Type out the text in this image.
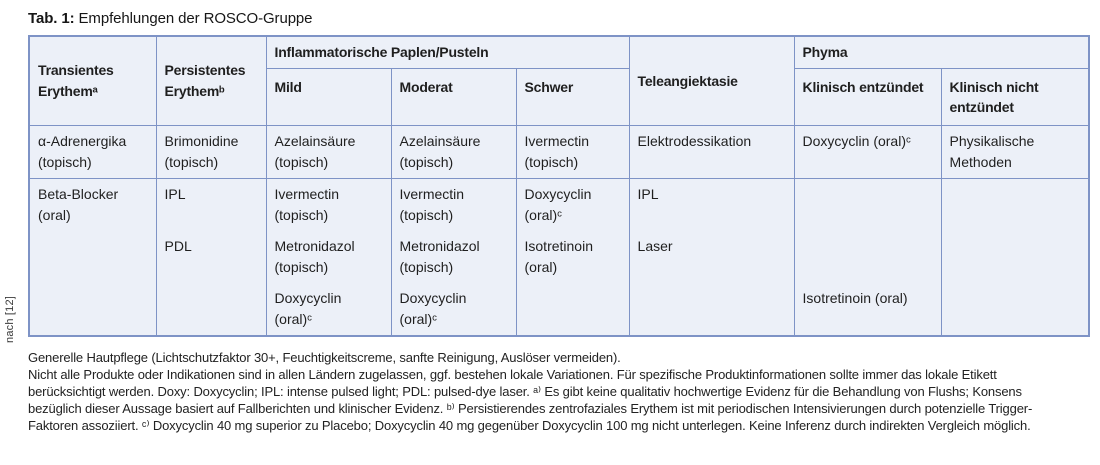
Tab. 1: Empfehlungen der ROSCO-Gruppe
nach [12]
Transientes Erythemᵃ	Persistentes Erythemᵇ	Inflammatorische Paplen/Pusteln			Teleangiektasie	Phyma	
		Mild	Moderat	Schwer		Klinisch entzündet	Klinisch nicht entzündet
α-Adrenergika (topisch)	Brimonidine (topisch)	Azelainsäure (topisch)	Azelainsäure (topisch)	Ivermectin (topisch)	Elektrodessikation	Doxycyclin (oral)ᶜ	Physikalische Methoden
Beta-Blocker (oral)	IPL	Ivermectin (topisch)	Ivermectin (topisch)	Doxycyclin (oral)ᶜ	IPL		
	PDL	Metronidazol (topisch)	Metronidazol (topisch)	Isotretinoin (oral)	Laser		
		Doxycyclin (oral)ᶜ	Doxycyclin (oral)ᶜ			Isotretinoin (oral)	

Generelle Hautpflege (Lichtschutzfaktor 30+, Feuchtigkeitscreme, sanfte Reinigung, Auslöser vermeiden).

Nicht alle Produkte oder Indikationen sind in allen Ländern zugelassen, ggf. bestehen lokale Variationen. Für spezifische Produktinformationen sollte immer das lokale Etikett berücksichtigt werden. Doxy: Doxycyclin; IPL: intense pulsed light; PDL: pulsed-dye laser. ᵃ⁾ Es gibt keine qualitativ hochwertige Evidenz für die Behandlung von Flushs; Konsens bezüglich dieser Aussage basiert auf Fallberichten und klinischer Evidenz. ᵇ⁾ Persistierendes zentrofaziales Erythem ist mit periodischen Intensivierungen durch potenzielle Trigger-Faktoren assoziiert. ᶜ⁾ Doxycyclin 40 mg superior zu Placebo; Doxycyclin 40 mg gegenüber Doxycyclin 100 mg nicht unterlegen. Keine Inferenz durch indirekten Vergleich möglich.
